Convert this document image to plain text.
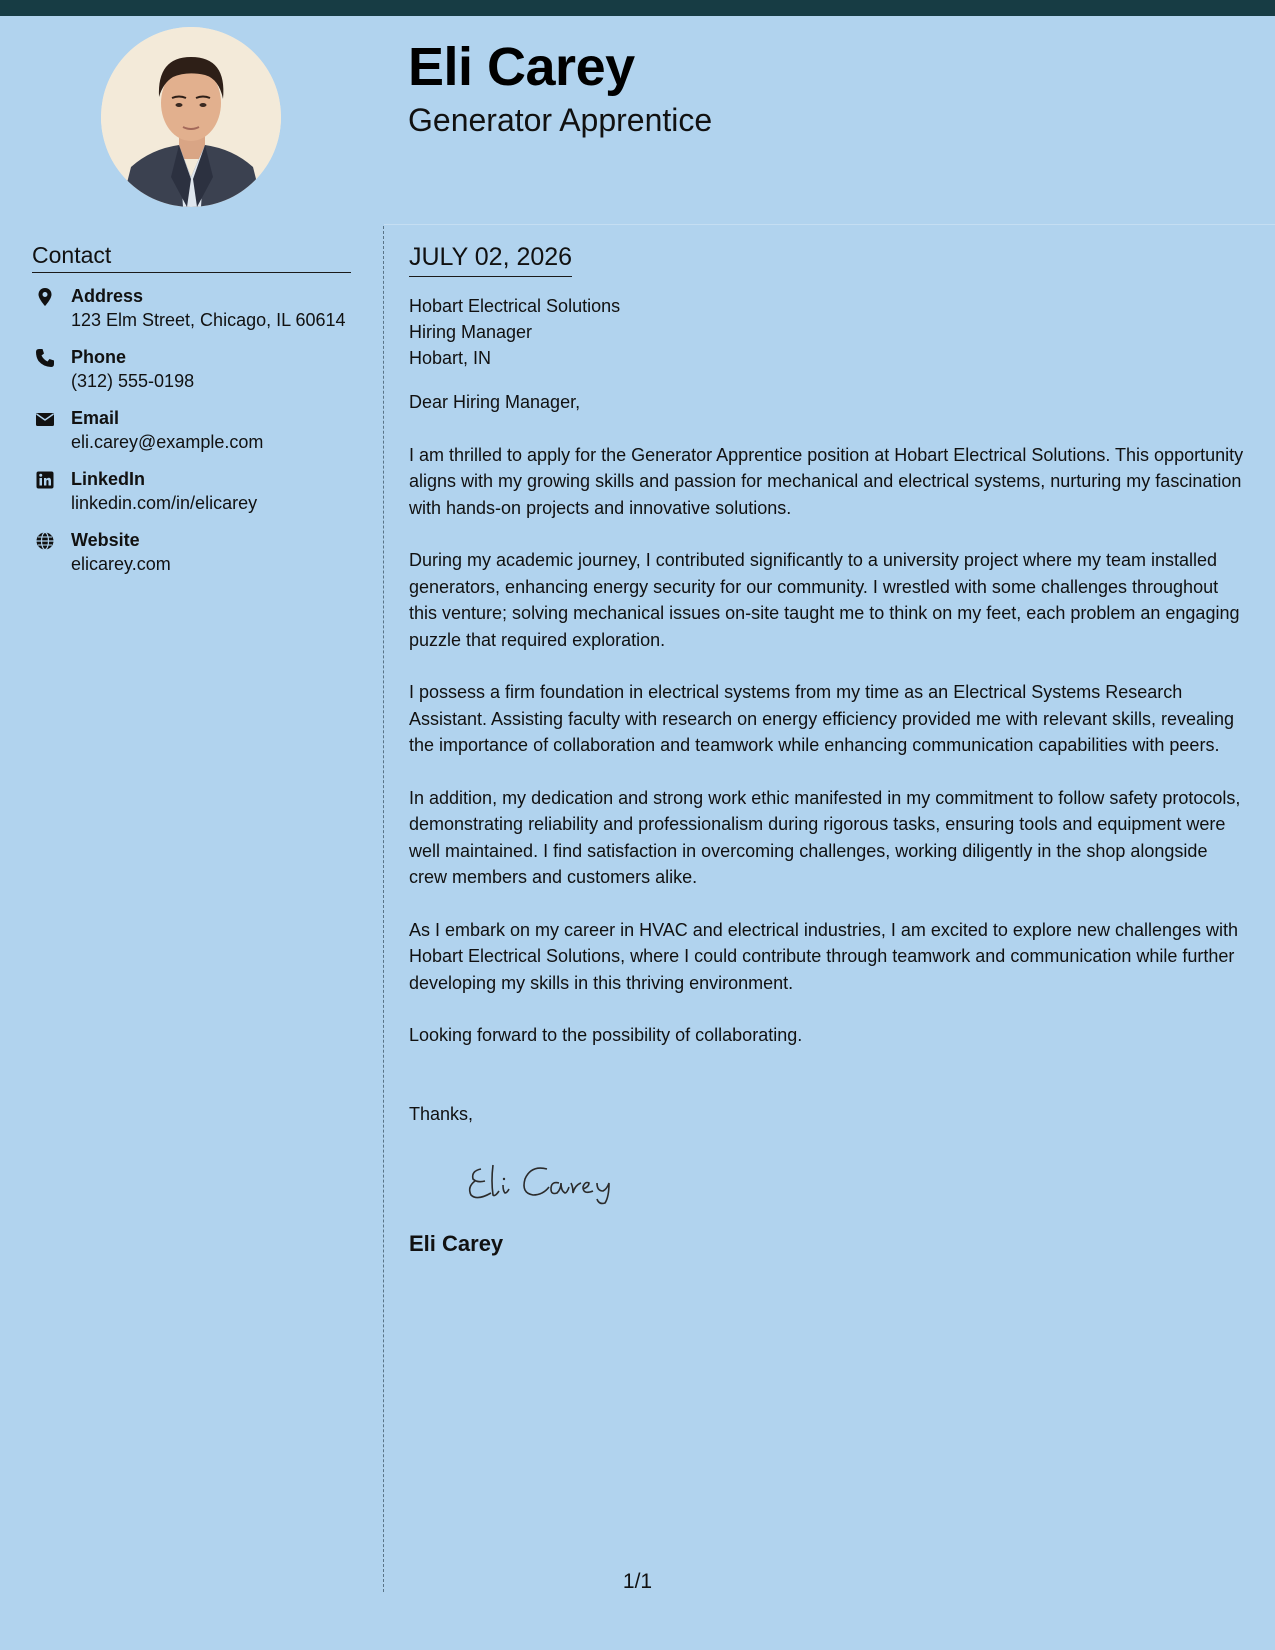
Eli Carey
Generator Apprentice
Contact
Address
123 Elm Street, Chicago, IL 60614
Phone
(312) 555-0198
Email
eli.carey@example.com
LinkedIn
linkedin.com/in/elicarey
Website
elicarey.com
JULY 02, 2026
Hobart Electrical Solutions
Hiring Manager
Hobart, IN

Dear Hiring Manager,

I am thrilled to apply for the Generator Apprentice position at Hobart Electrical Solutions. This opportunity aligns with my growing skills and passion for mechanical and electrical systems, nurturing my fascination with hands-on projects and innovative solutions.

During my academic journey, I contributed significantly to a university project where my team installed generators, enhancing energy security for our community. I wrestled with some challenges throughout this venture; solving mechanical issues on-site taught me to think on my feet, each problem an engaging puzzle that required exploration.

I possess a firm foundation in electrical systems from my time as an Electrical Systems Research Assistant. Assisting faculty with research on energy efficiency provided me with relevant skills, revealing the importance of collaboration and teamwork while enhancing communication capabilities with peers.

In addition, my dedication and strong work ethic manifested in my commitment to follow safety protocols, demonstrating reliability and professionalism during rigorous tasks, ensuring tools and equipment were well maintained. I find satisfaction in overcoming challenges, working diligently in the shop alongside crew members and customers alike.

As I embark on my career in HVAC and electrical industries, I am excited to explore new challenges with Hobart Electrical Solutions, where I could contribute through teamwork and communication while further developing my skills in this thriving environment.

Looking forward to the possibility of collaborating.

Thanks,
Eli Carey
1/1
